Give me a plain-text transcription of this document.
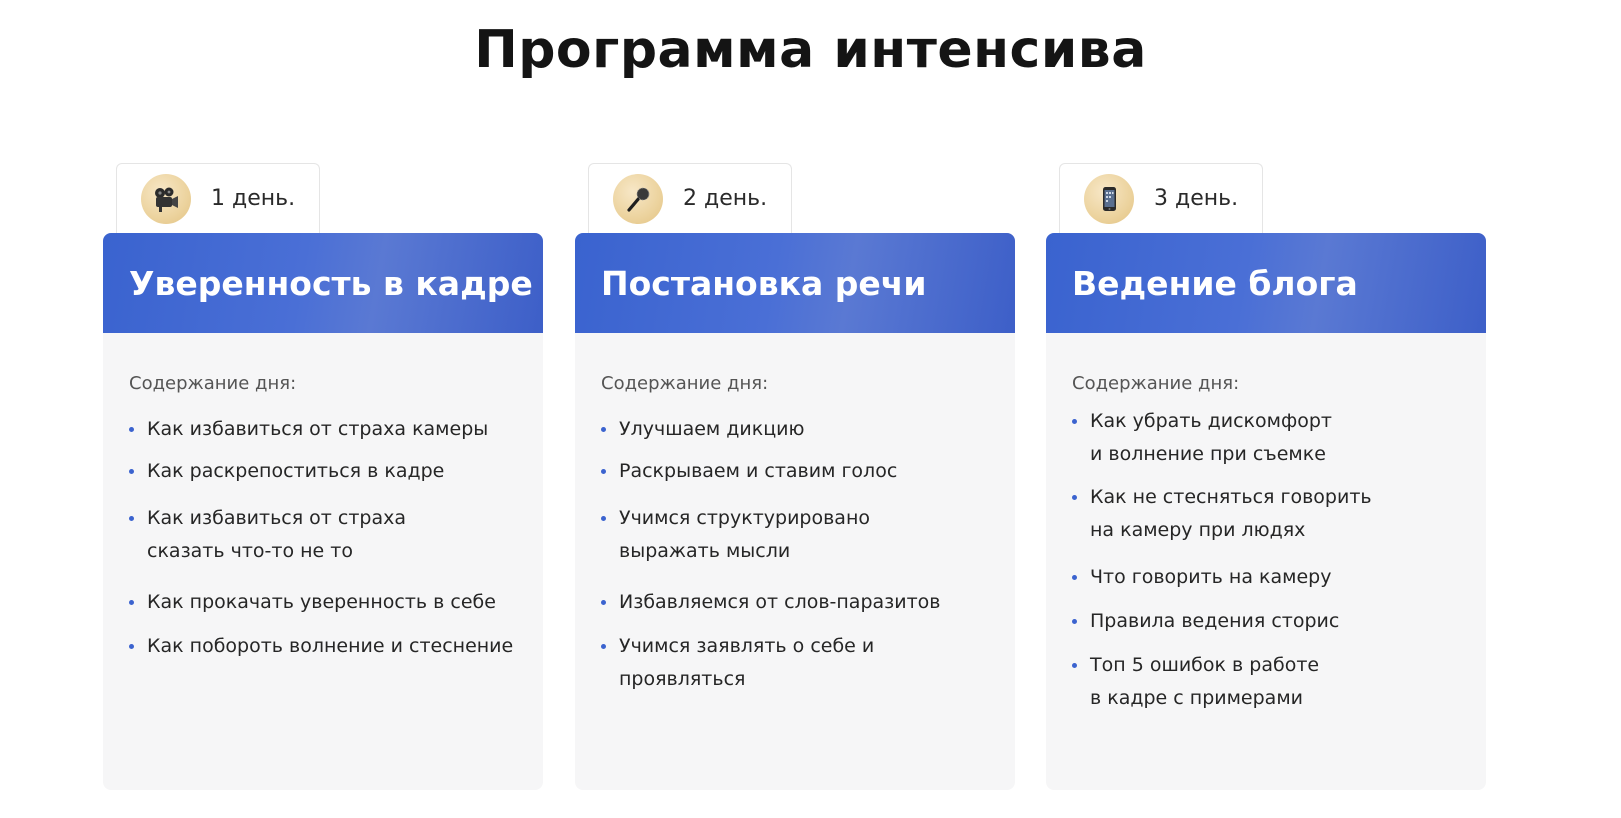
Программа интенсива
1 день.
Уверенность в кадре
Содержание дня:
Как избавиться от страха камеры
Как раскрепоститься в кадре
Как избавиться от страха
сказать что-то не то
Как прокачать уверенность в себе
Как побороть волнение и стеснение
2 день.
Постановка речи
Содержание дня:
Улучшаем дикцию
Раскрываем и ставим голос
Учимся структурировано
выражать мысли
Избавляемся от слов-паразитов
Учимся заявлять о себе и проявляться
3 день.
Ведение блога
Содержание дня:
Как убрать дискомфорт
и волнение при съемке
Как не стесняться говорить
на камеру при людях
Что говорить на камеру
Правила ведения сторис
Топ 5 ошибок в работе
в кадре с примерами
